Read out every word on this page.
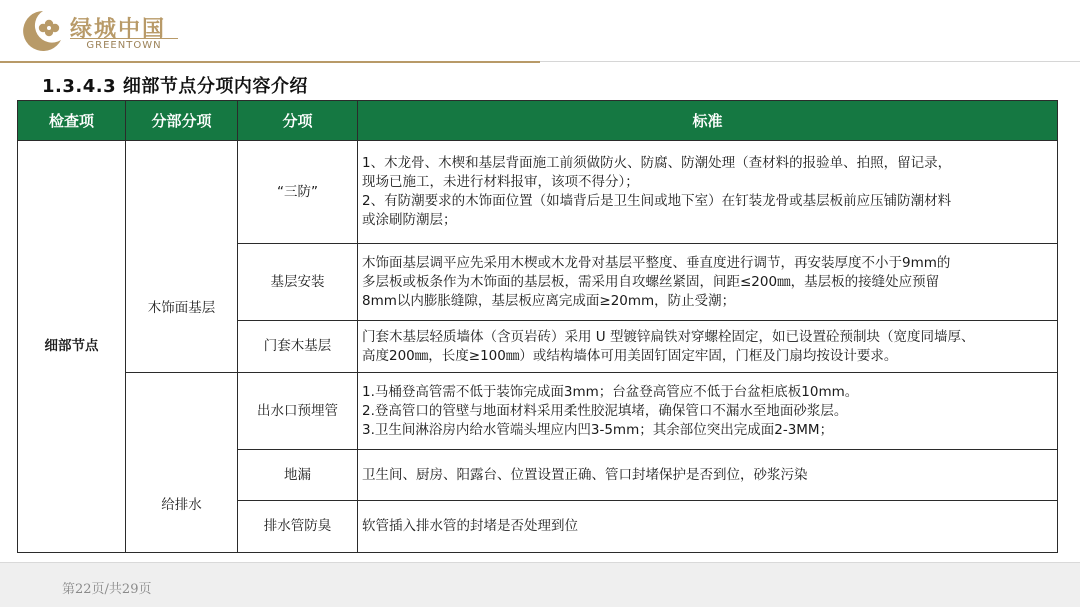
绿城中国
GREENTOWN
1.3.4.3 细部节点分项内容介绍
检查项	分部分项	分项	标准
细部节点	木饰面基层	“三防”	1、木龙骨、木楔和基层背面施工前须做防火、防腐、防潮处理（查材料的报验单、拍照，留记录，
现场已施工，未进行材料报审，该项不得分）；
2、有防潮要求的木饰面位置（如墙背后是卫生间或地下室）在钉装龙骨或基层板前应压铺防潮材料
或涂刷防潮层；

		基层安装	木饰面基层调平应先采用木楔或木龙骨对基层平整度、垂直度进行调节，再安装厚度不小于9mm的
多层板或板条作为木饰面的基层板，需采用自攻螺丝紧固，间距≤200㎜，基层板的接缝处应预留
8mm以内膨胀缝隙，基层板应离完成面≥20mm，防止受潮；

		门套木基层	门套木基层轻质墙体（含页岩砖）采用 U 型镀锌扁铁对穿螺栓固定，如已设置砼预制块（宽度同墙厚、
高度200㎜，长度≥100㎜）或结构墙体可用美固钉固定牢固，门框及门扇均按设计要求。

	给排水	出水口预埋管	1.马桶登高管需不低于装饰完成面3mm；台盆登高管应不低于台盆柜底板10mm。
2.登高管口的管壁与地面材料采用柔性胶泥填堵，确保管口不漏水至地面砂浆层。
3.卫生间淋浴房内给水管端头埋应内凹3-5mm；其余部位突出完成面2-3MM；

		地漏	卫生间、厨房、阳露台、位置设置正确、管口封堵保护是否到位，砂浆污染

		排水管防臭	软管插入排水管的封堵是否处理到位
第22页/共29页
